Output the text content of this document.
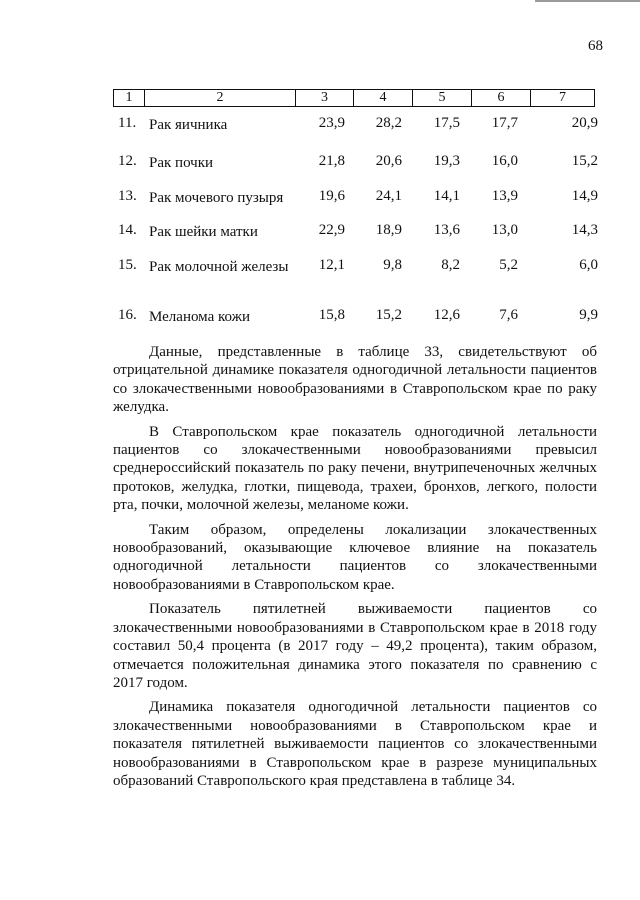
68
1	2	3	4	5	6	7
11. Рак яичника	23,9 28,2 17,5 17,7	20,9
12. Рак почки	21,8 20,6 19,3 16,0	15,2
13. Рак мочевого пузыря	19,6 24,1 14,1 13,9	14,9
14. Рак шейки матки	22,9 18,9 13,6 13,0	14,3
15. Рак молочной железы 12,1	9,8	8,2	5,2	6,0
16. Меланома кожи	15,8 15,2 12,6	7,6	9,9

Данные, представленные в таблице 33, свидетельствуют об отрицательной динамике показателя одногодичной летальности пациентов со злокачественными новообразованиями в Ставропольском крае по раку желудка.

В Ставропольском крае показатель одногодичной летальности пациентов со злокачественными новообразованиями превысил среднероссийский показатель по раку печени, внутрипеченочных желчных протоков, желудка, глотки, пищевода, трахеи, бронхов, легкого, полости рта, почки, молочной железы, меланоме кожи.

Таким образом, определены локализации злокачественных новообразований, оказывающие ключевое влияние на показатель одногодичной летальности пациентов со злокачественными новообразованиями в Ставропольском крае.

Показатель пятилетней выживаемости пациентов со злокачественными новообразованиями в Ставропольском крае в 2018 году составил 50,4 процента (в 2017 году – 49,2 процента), таким образом, отмечается положительная динамика этого показателя по сравнению с 2017 годом.

Динамика показателя одногодичной летальности пациентов со злокачественными новообразованиями в Ставропольском крае и показателя пятилетней выживаемости пациентов со злокачественными новообразованиями в Ставропольском крае в разрезе муниципальных образований Ставропольского края представлена в таблице 34.
